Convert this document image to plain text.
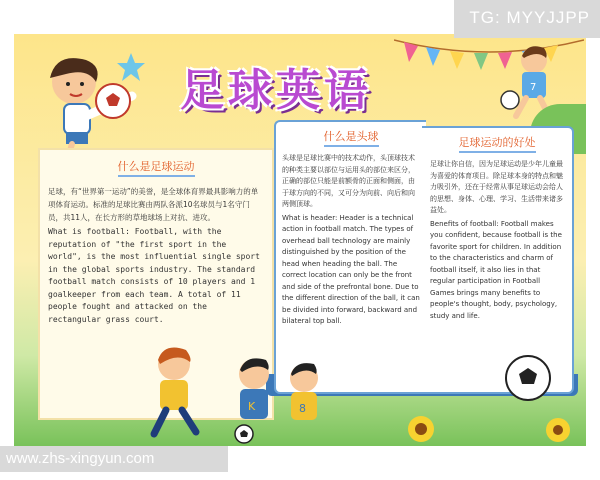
足球英语	7
什么是足球运动
足球，有“世界第一运动”的美誉，是全球体育界最具影响力的单项体育运动。标准的足球比赛由两队各派10名球员与1名守门员，共11人，在长方形的草地球场上对抗、进攻。
What is football: Football, with the reputation of "the first sport in the world", is the most influential single sport in the global sports industry. The standard football match consists of 10 players and 1 goalkeeper from each team. A total of 11 people fought and attacked on the rectangular grass court.
什么是头球
头球是足球比赛中的技术动作，头顶球技术的种类主要以部位与运用头的部位来区分，正确的部位只能是前额骨的正面和侧面，由于球方向的不同，又可分为向前、向后和向两侧顶球。
What is header: Header is a technical action in football match. The types of overhead ball technology are mainly distinguished by the position of the head when heading the ball. The correct location can only be the front and side of the prefrontal bone. Due to the different direction of the ball, it can be divided into forward, backward and bilateral top ball.
足球运动的好处
足球让你自信，因为足球运动是少年儿童最为喜爱的体育项目。除足球本身的特点和魅力吸引外，还在于经常从事足球运动会给人的思想、身体、心理、学习、生活带来诸多益处。
Benefits of football: Football makes you confident, because football is the favorite sport for children. In addition to the characteristics and charm of football itself, it also lies in that regular participation in Football Games brings many benefits to people's thought, body, psychology, study and life.
K	8
TG: MYYJJPP
www.zhs-xingyun.com
